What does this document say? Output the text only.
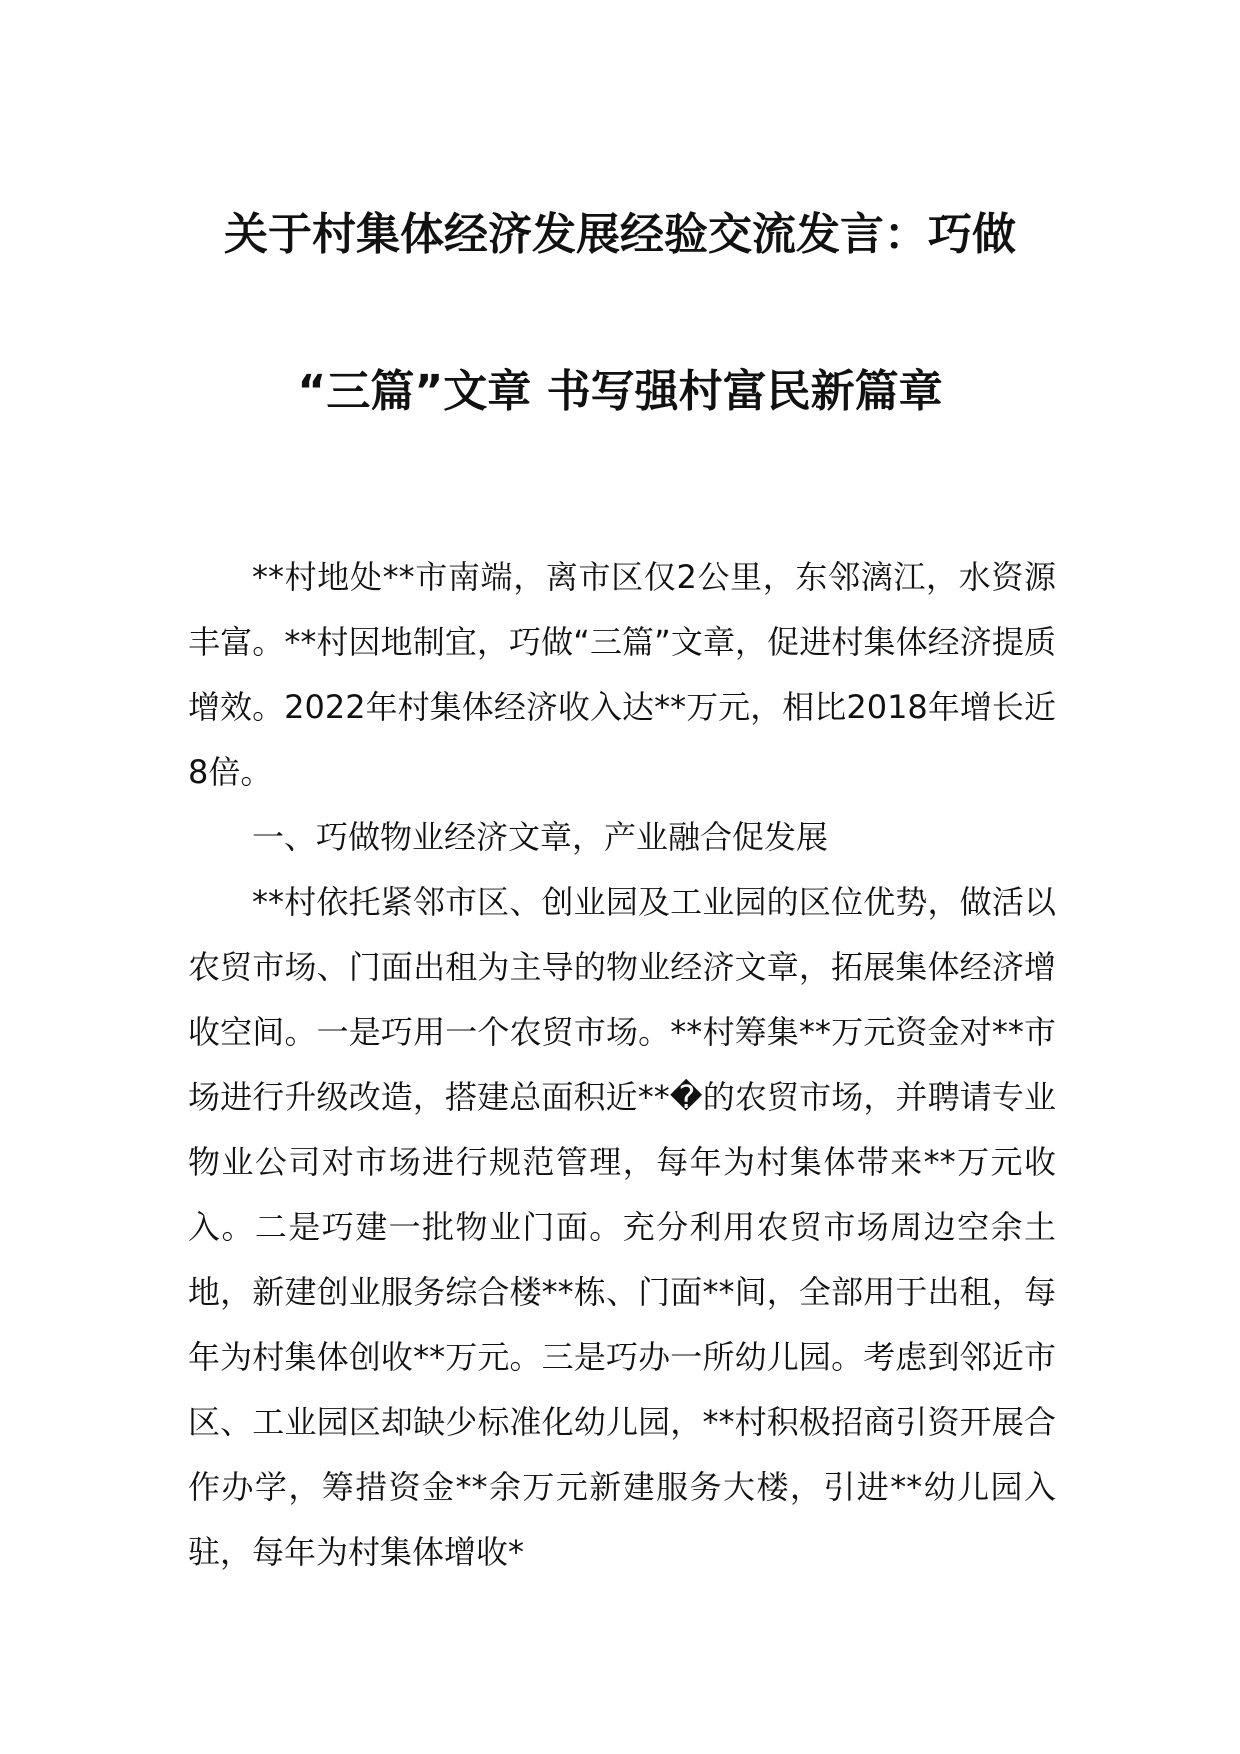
关于村集体经济发展经验交流发言：巧做
“三篇”文章 书写强村富民新篇章

**村地处**市南端，离市区仅2公里，东邻漓江，水资源丰富。**村因地制宜，巧做“三篇”文章，促进村集体经济提质增效。2022年村集体经济收入达**万元，相比2018年增长近8倍。

一、巧做物业经济文章，产业融合促发展

**村依托紧邻市区、创业园及工业园的区位优势，做活以农贸市场、门面出租为主导的物业经济文章，拓展集体经济增收空间。一是巧用一个农贸市场。**村筹集**万元资金对**市场进行升级改造，搭建总面积近**�的农贸市场，并聘请专业物业公司对市场进行规范管理，每年为村集体带来**万元收入。二是巧建一批物业门面。充分利用农贸市场周边空余土地，新建创业服务综合楼**栋、门面**间，全部用于出租，每年为村集体创收**万元。三是巧办一所幼儿园。考虑到邻近市区、工业园区却缺少标准化幼儿园，**村积极招商引资开展合作办学，筹措资金**余万元新建服务大楼，引进**幼儿园入驻，每年为村集体增收*
